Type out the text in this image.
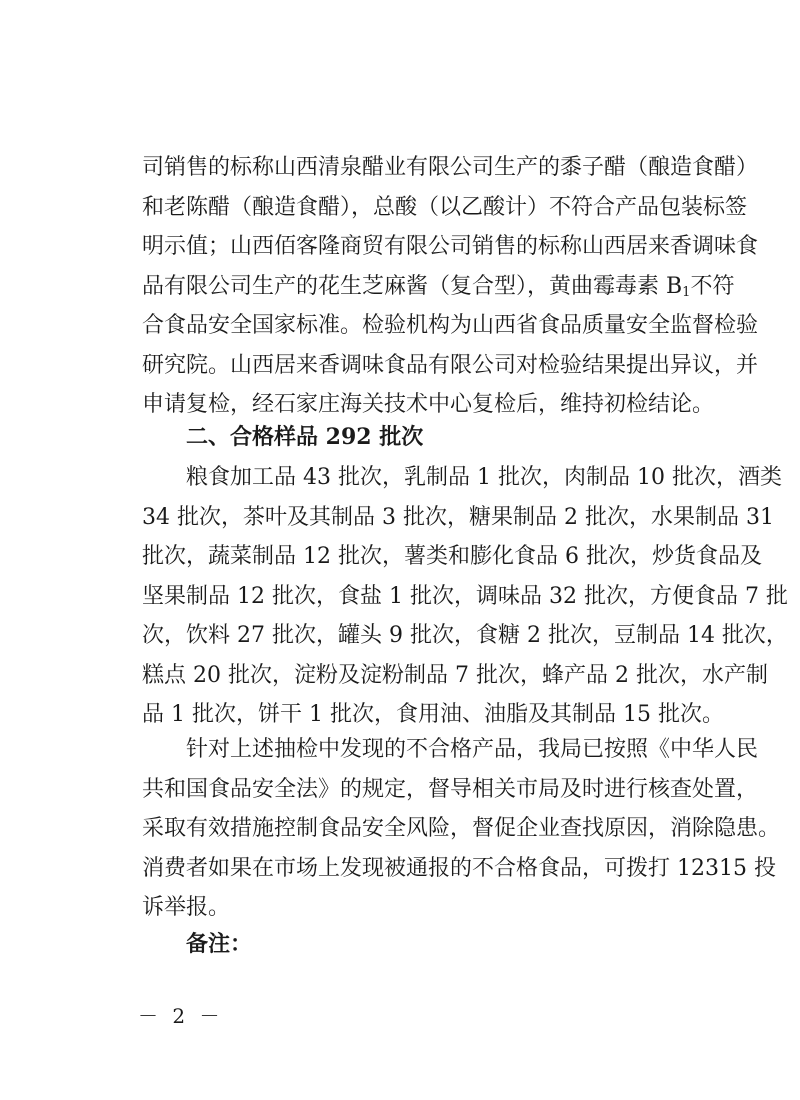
司销售的标称山西清泉醋业有限公司生产的黍子醋（酿造食醋）
和老陈醋（酿造食醋），总酸（以乙酸计）不符合产品包装标签
明示值；山西佰客隆商贸有限公司销售的标称山西居来香调味食
品有限公司生产的花生芝麻酱（复合型），黄曲霉毒素 $B_1$不符
合食品安全国家标准。检验机构为山西省食品质量安全监督检验
研究院。山西居来香调味食品有限公司对检验结果提出异议，并
申请复检，经石家庄海关技术中心复检后，维持初检结论。
二、合格样品 292 批次
粮食加工品 43 批次，乳制品 1 批次，肉制品 10 批次，酒类
34 批次，茶叶及其制品 3 批次，糖果制品 2 批次，水果制品 31
批次，蔬菜制品 12 批次，薯类和膨化食品 6 批次，炒货食品及
坚果制品 12 批次，食盐 1 批次，调味品 32 批次，方便食品 7 批
次，饮料 27 批次，罐头 9 批次，食糖 2 批次，豆制品 14 批次，
糕点 20 批次，淀粉及淀粉制品 7 批次，蜂产品 2 批次，水产制
品 1 批次，饼干 1 批次，食用油、油脂及其制品 15 批次。
针对上述抽检中发现的不合格产品，我局已按照《中华人民
共和国食品安全法》的规定，督导相关市局及时进行核查处置，
采取有效措施控制食品安全风险，督促企业查找原因，消除隐患。
消费者如果在市场上发现被通报的不合格食品，可拨打 12315 投
诉举报。
备注：
－ 2 －
